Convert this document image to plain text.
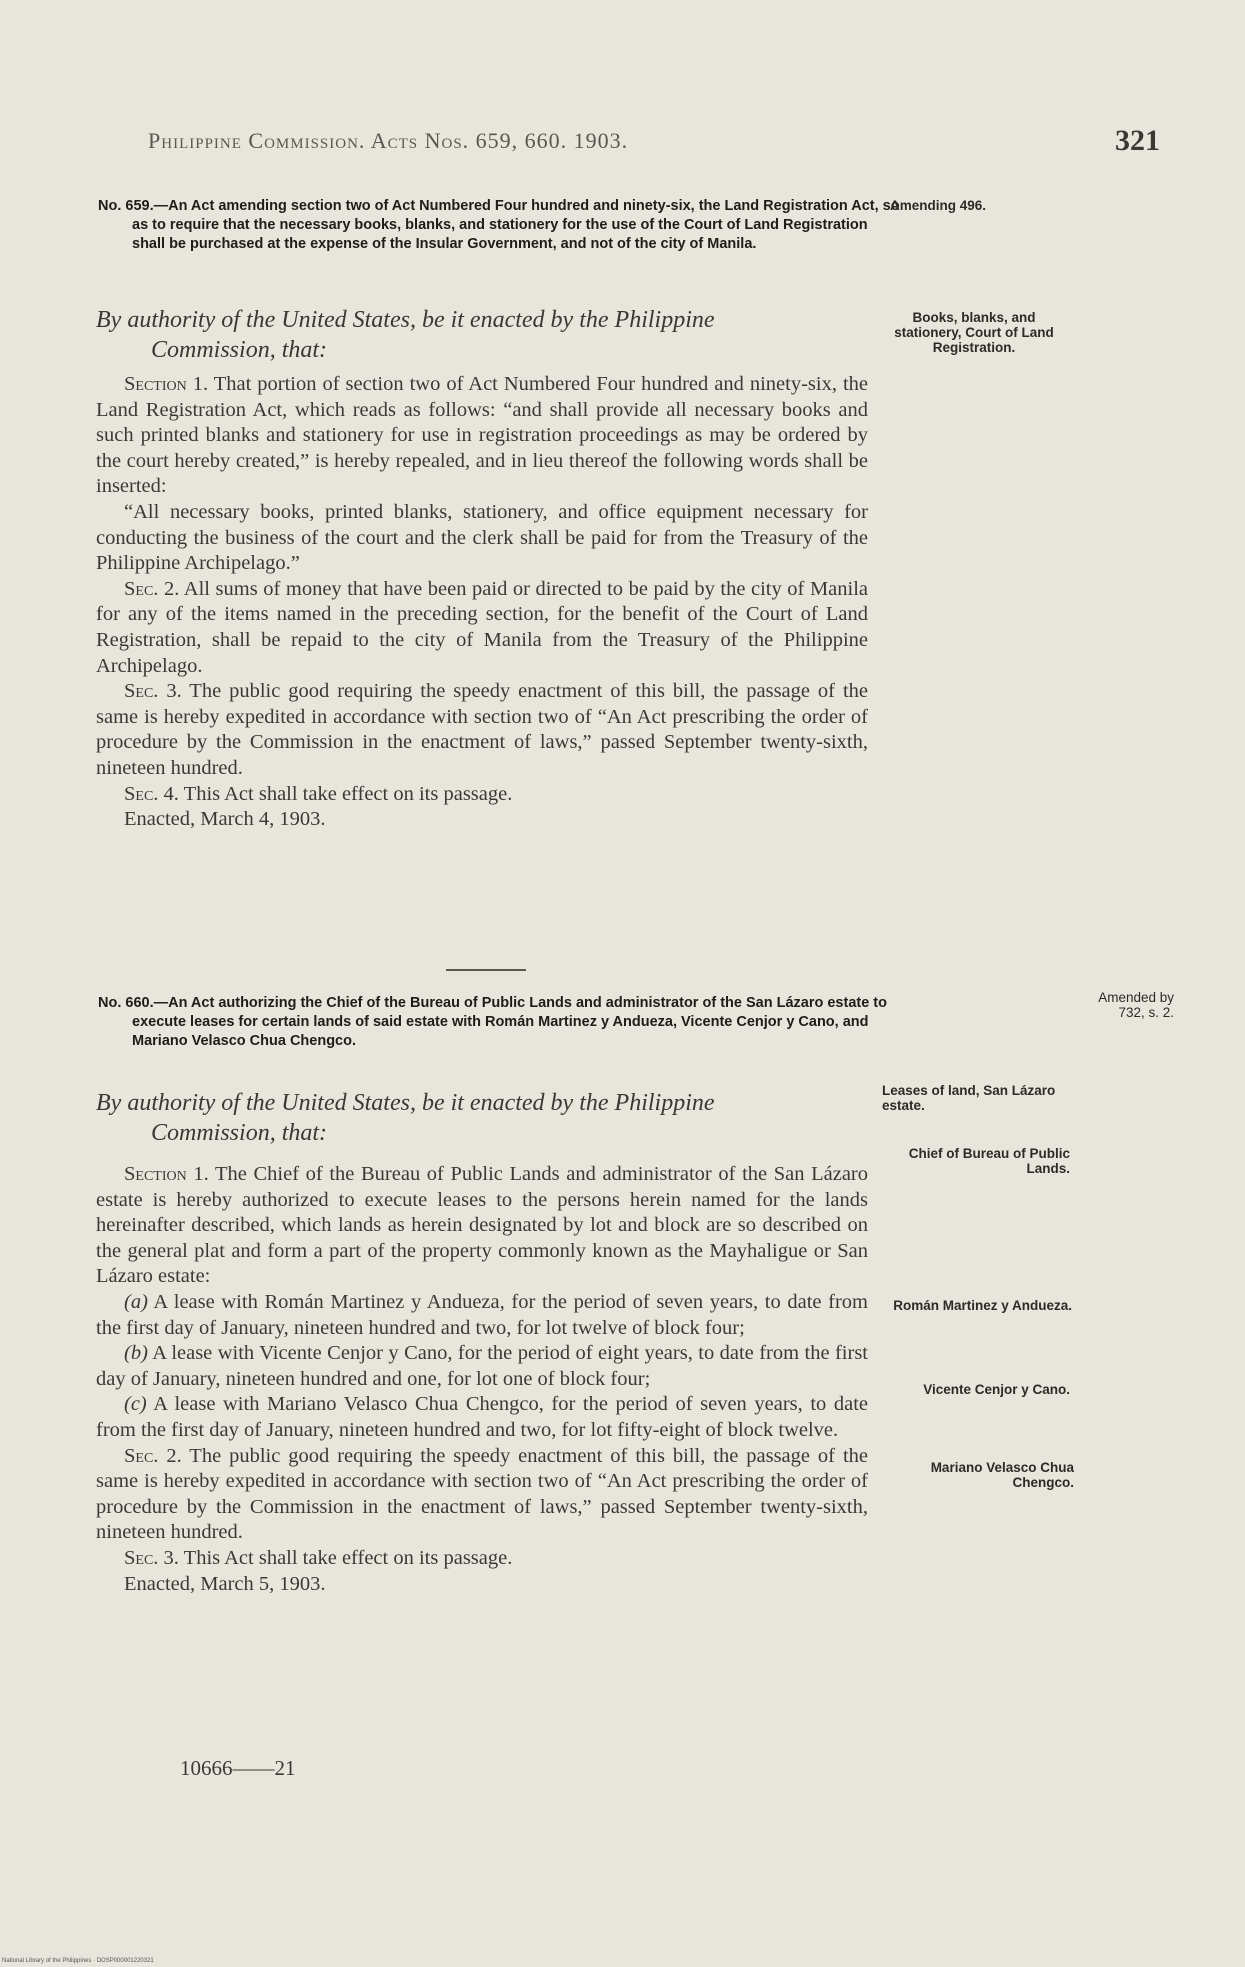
Philippine Commission. Acts Nos. 659, 660. 1903.	321
No. 659.—An Act amending section two of Act Numbered Four hundred and ninety-six, the Land Registration Act, so as to require that the necessary books, blanks, and stationery for the use of the Court of Land Registration shall be purchased at the expense of the Insular Government, and not of the city of Manila.
By authority of the United States, be it enacted by the Philippine
Commission, that:

Section 1. That portion of section two of Act Numbered Four hundred and ninety-six, the Land Registration Act, which reads as follows: “and shall provide all necessary books and such printed blanks and stationery for use in registration proceedings as may be ordered by the court hereby created,” is hereby repealed, and in lieu thereof the following words shall be inserted:

“All necessary books, printed blanks, stationery, and office equipment necessary for conducting the business of the court and the clerk shall be paid for from the Treasury of the Philippine Archipelago.”

Sec. 2. All sums of money that have been paid or directed to be paid by the city of Manila for any of the items named in the preceding section, for the benefit of the Court of Land Registration, shall be repaid to the city of Manila from the Treasury of the Philippine Archipelago.

Sec. 3. The public good requiring the speedy enactment of this bill, the passage of the same is hereby expedited in accordance with section two of “An Act prescribing the order of procedure by the Commission in the enactment of laws,” passed September twenty-sixth, nineteen hundred.

Sec. 4. This Act shall take effect on its passage.

Enacted, March 4, 1903.

No. 660.—An Act authorizing the Chief of the Bureau of Public Lands and administrator of the San Lázaro estate to execute leases for certain lands of said estate with Román Martinez y Andueza, Vicente Cenjor y Cano, and Mariano Velasco Chua Chengco.
By authority of the United States, be it enacted by the Philippine
Commission, that:

Section 1. The Chief of the Bureau of Public Lands and administrator of the San Lázaro estate is hereby authorized to execute leases to the persons herein named for the lands hereinafter described, which lands as herein designated by lot and block are so described on the general plat and form a part of the property commonly known as the Mayhaligue or San Lázaro estate:

(a) A lease with Román Martinez y Andueza, for the period of seven years, to date from the first day of January, nineteen hundred and two, for lot twelve of block four;

(b) A lease with Vicente Cenjor y Cano, for the period of eight years, to date from the first day of January, nineteen hundred and one, for lot one of block four;

(c) A lease with Mariano Velasco Chua Chengco, for the period of seven years, to date from the first day of January, nineteen hundred and two, for lot fifty-eight of block twelve.

Sec. 2. The public good requiring the speedy enactment of this bill, the passage of the same is hereby expedited in accordance with section two of “An Act prescribing the order of procedure by the Commission in the enactment of laws,” passed September twenty-sixth, nineteen hundred.

Sec. 3. This Act shall take effect on its passage.

Enacted, March 5, 1903.

Amending 496.
Books, blanks, and stationery, Court of Land Registration.
Amended by 732, s. 2.
Leases of land, San Lázaro estate.
Chief of Bureau of Public Lands.
Román Martinez y Andueza.
Vicente Cenjor y Cano.
Mariano Velasco Chua Chengco.
10666——21
National Library of the Philippines · DOSP000001220321
